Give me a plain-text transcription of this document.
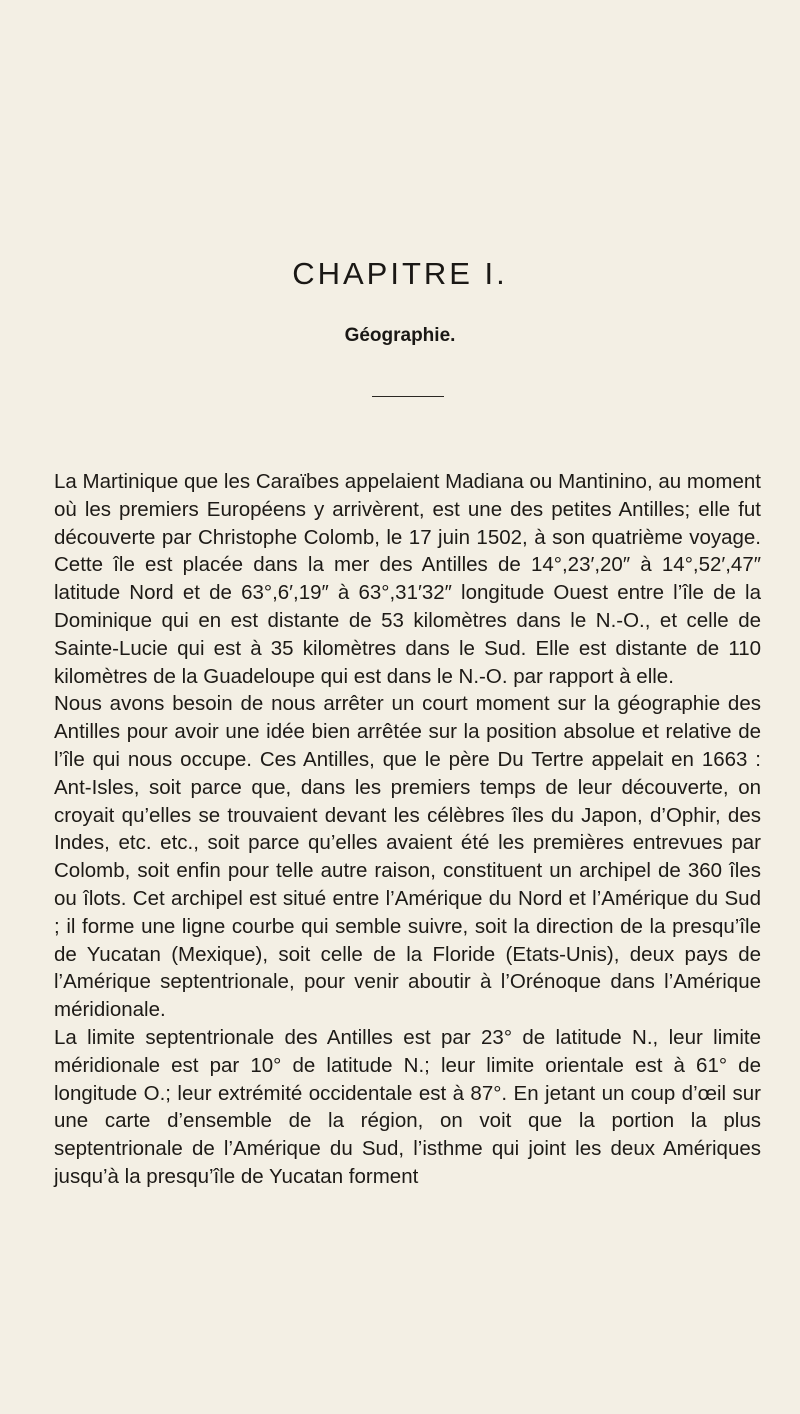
CHAPITRE I.
Géographie.

La Martinique que les Caraïbes appelaient Madiana ou Mantinino, au moment où les premiers Européens y arrivèrent, est une des petites Antilles; elle fut découverte par Christophe Colomb, le 17 juin 1502, à son quatrième voyage. Cette île est placée dans la mer des Antilles de 14°,23′,20″ à 14°,52′,47″ latitude Nord et de 63°,6′,19″ à 63°,31′32″ longitude Ouest entre l’île de la Dominique qui en est distante de 53 kilomètres dans le N.-O., et celle de Sainte-Lucie qui est à 35 kilomètres dans le Sud. Elle est distante de 110 kilomètres de la Guadeloupe qui est dans le N.-O. par rapport à elle.

Nous avons besoin de nous arrêter un court moment sur la géographie des Antilles pour avoir une idée bien arrêtée sur la position absolue et relative de l’île qui nous occupe. Ces Antilles, que le père Du Tertre appelait en 1663 : Ant-Isles, soit parce que, dans les premiers temps de leur découverte, on croyait qu’elles se trouvaient devant les célèbres îles du Japon, d’Ophir, des Indes, etc. etc., soit parce qu’elles avaient été les premières entrevues par Colomb, soit enfin pour telle autre raison, constituent un archipel de 360 îles ou îlots. Cet archipel est situé entre l’Amérique du Nord et l’Amérique du Sud ; il forme une ligne courbe qui semble suivre, soit la direction de la presqu’île de Yucatan (Mexique), soit celle de la Floride (Etats-Unis), deux pays de l’Amérique septentrionale, pour venir aboutir à l’Orénoque dans l’Amérique méridionale.

La limite septentrionale des Antilles est par 23° de latitude N., leur limite méridionale est par 10° de latitude N.; leur limite orientale est à 61° de longitude O.; leur extrémité occidentale est à 87°. En jetant un coup d’œil sur une carte d’ensemble de la région, on voit que la portion la plus septentrionale de l’Amérique du Sud, l’isthme qui joint les deux Amériques jusqu’à la presqu’île de Yucatan forment
